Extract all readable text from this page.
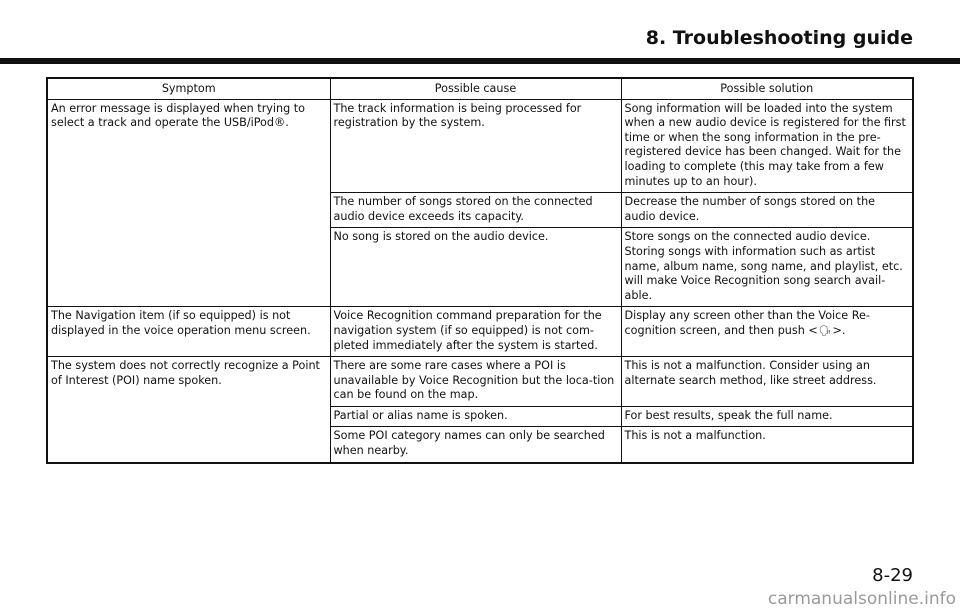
8. Troubleshooting guide
Symptom	Possible cause	Possible solution
An error message is displayed when trying to select a track and operate the USB/iPod®.	The track information is being processed for registration by the system.	Song information will be loaded into the system when a new audio device is registered for the first time or when the song information in the pre-registered device has been changed. Wait for the loading to complete (this may take from a few minutes up to an hour).
	The number of songs stored on the connected audio device exceeds its capacity.	Decrease the number of songs stored on the audio device.
	No song is stored on the audio device.	Store songs on the connected audio device. Storing songs with information such as artist name, album name, song name, and playlist, etc. will make Voice Recognition song search avail-able.
The Navigation item (if so equipped) is not displayed in the voice operation menu screen.	Voice Recognition command preparation for the navigation system (if so equipped) is not com-pleted immediately after the system is started.	Display any screen other than the Voice Re-cognition screen, and then push <🗣>.
The system does not correctly recognize a Point of Interest (POI) name spoken.	There are some rare cases where a POI is unavailable by Voice Recognition but the loca-tion can be found on the map.	This is not a malfunction. Consider using an alternate search method, like street address.
	Partial or alias name is spoken.	For best results, speak the full name.
	Some POI category names can only be searched when nearby.	This is not a malfunction.
8-29
carmanualsonline.info
